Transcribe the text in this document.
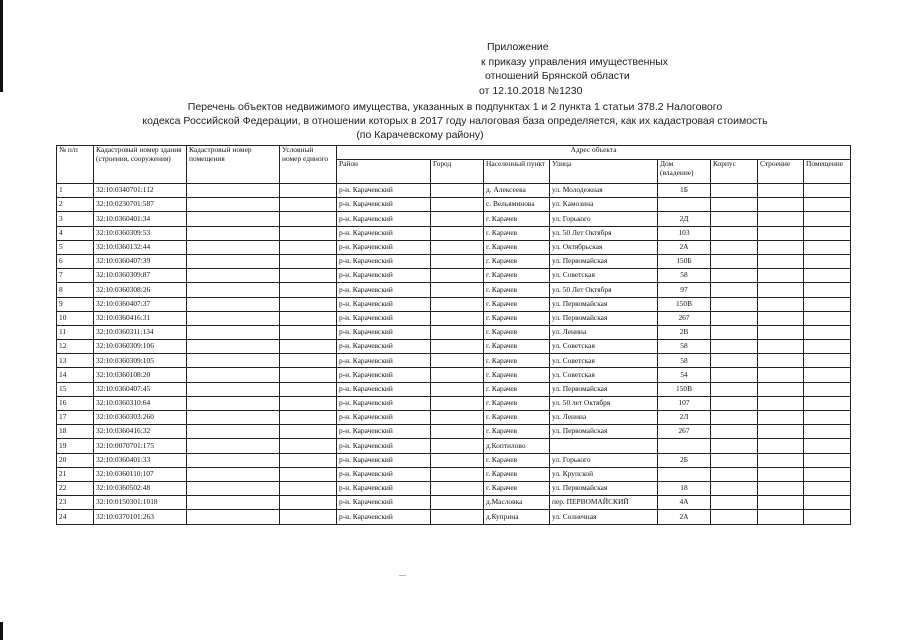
Приложение
к приказу управления имущественных
отношений Брянской области
от 12.10.2018 №1230
Перечень объектов недвижимого имущества, указанных в подпунктах 1 и 2 пункта 1 статьи 378.2 Налогового
кодекса Российской Федерации, в отношении которых в 2017 году налоговая база определяется, как их кадастровая стоимость
(по Карачевскому району)
№ п/п	Кадастровый номер здания (строения, сооружения)	Кадастровый номер помещения	Условный номер единого	Адрес объекта							
				Район	Город	Населенный пункт	Улица	Дом (владение)	Корпус	Строение	Помещение
1	32:10:0340701:112			р-н. Карачевский		д. Алексеева	ул. Молодежная	1Б			
2	32:10:0230701:587			р-н. Карачевский		с. Вельяминова	ул. Камозина				
3	32:10:0360401:34			р-н. Карачевский		г. Карачев	ул. Горького	2Д			
4	32:10:0360309:53			р-н. Карачевский		г. Карачев	ул. 50 Лет Октября	103			
5	32:10:0360132:44			р-н. Карачевский		г. Карачев	ул. Октябрьская	2А			
6	32:10:0360407:39			р-н. Карачевский		г. Карачев	ул. Первомайская	150Б			
7	32:10:0360309:87			р-н. Карачевский		г. Карачев	ул. Советская	58			
8	32:10:0360308:26			р-н. Карачевский		г. Карачев	ул. 50 Лет Октября	97			
9	32:10:0360407:37			р-н. Карачевский		г. Карачев	ул. Первомайская	150В			
10	32:10:0360416:31			р-н. Карачевский		г. Карачев	ул. Первомайская	267			
11	32:10:0360311:134			р-н. Карачевский		г. Карачев	ул. Ленина	2В			
12	32:10:0360309:106			р-н. Карачевский		г. Карачев	ул. Советская	58			
13	32:10:0360309:105			р-н. Карачевский		г. Карачев	ул. Советская	58			
14	32:10:0360108:20			р-н. Карачевский		г. Карачев	ул. Советская	54			
15	32:10:0360407:45			р-н. Карачевский		г. Карачев	ул. Первомайская	150В			
16	32:10:0360310:64			р-н. Карачевский		г. Карачев	ул. 50 лет Октября	107			
17	32:10:0360303:260			р-н. Карачевский		г. Карачев	ул. Ленина	2Л			
18	32:10:0360416:32			р-н. Карачевский		г. Карачев	ул. Первомайская	267			
19	32:10:0070701:175			р-н. Карачевский		д.Коптилово					
20	32:10:0360401:33			р-н. Карачевский		г. Карачев	ул. Горького	2Б			
21	32:10:0360110:107			р-н. Карачевский		г. Карачев	ул. Крупской				
22	32:10:0360502:48			р-н. Карачевский		г. Карачев	ул. Первомайская	18			
23	32:10:0150301:1018			р-н. Карачевский		д.Масловка	пер. ПЕРВОМАЙСКИЙ	4А			
24	32:10:0370101:263			р-н. Карачевский		д.Куприна	ул. Солнечная	2А			
